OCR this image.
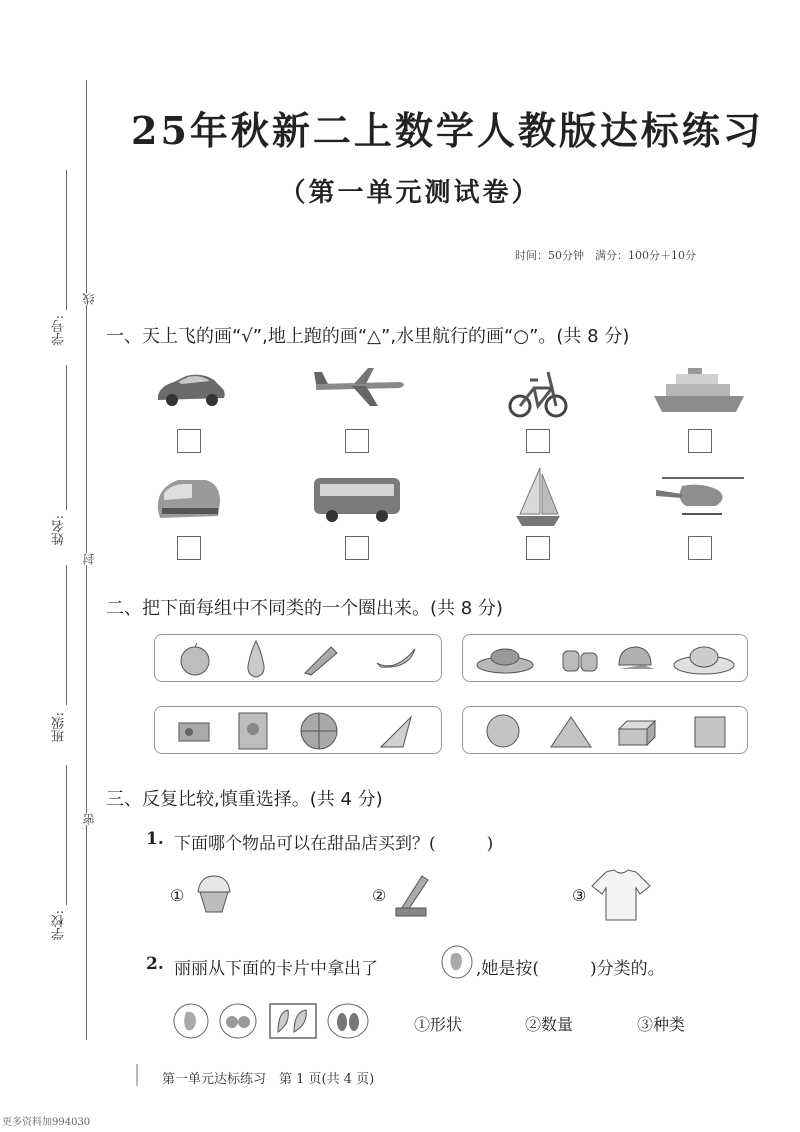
学号:
姓名:
班级:
学校:
线
封
密
25年秋新二上数学人教版达标练习
（第一单元测试卷）
时间：50分钟　满分：100分＋10分
一、天上飞的画“√”,地上跑的画“△”,水里航行的画“○”。(共 8 分)
二、把下面每组中不同类的一个圈出来。(共 8 分)
三、反复比较,慎重选择。(共 4 分)
1. 下面哪个物品可以在甜品店买到？(　　　)
①	②	③
2. 丽丽从下面的卡片中拿出了	,她是按(　　　)分类的。
①形状	②数量	③种类
第一单元达标练习　第 1 页(共 4 页)
更多资料加994030
